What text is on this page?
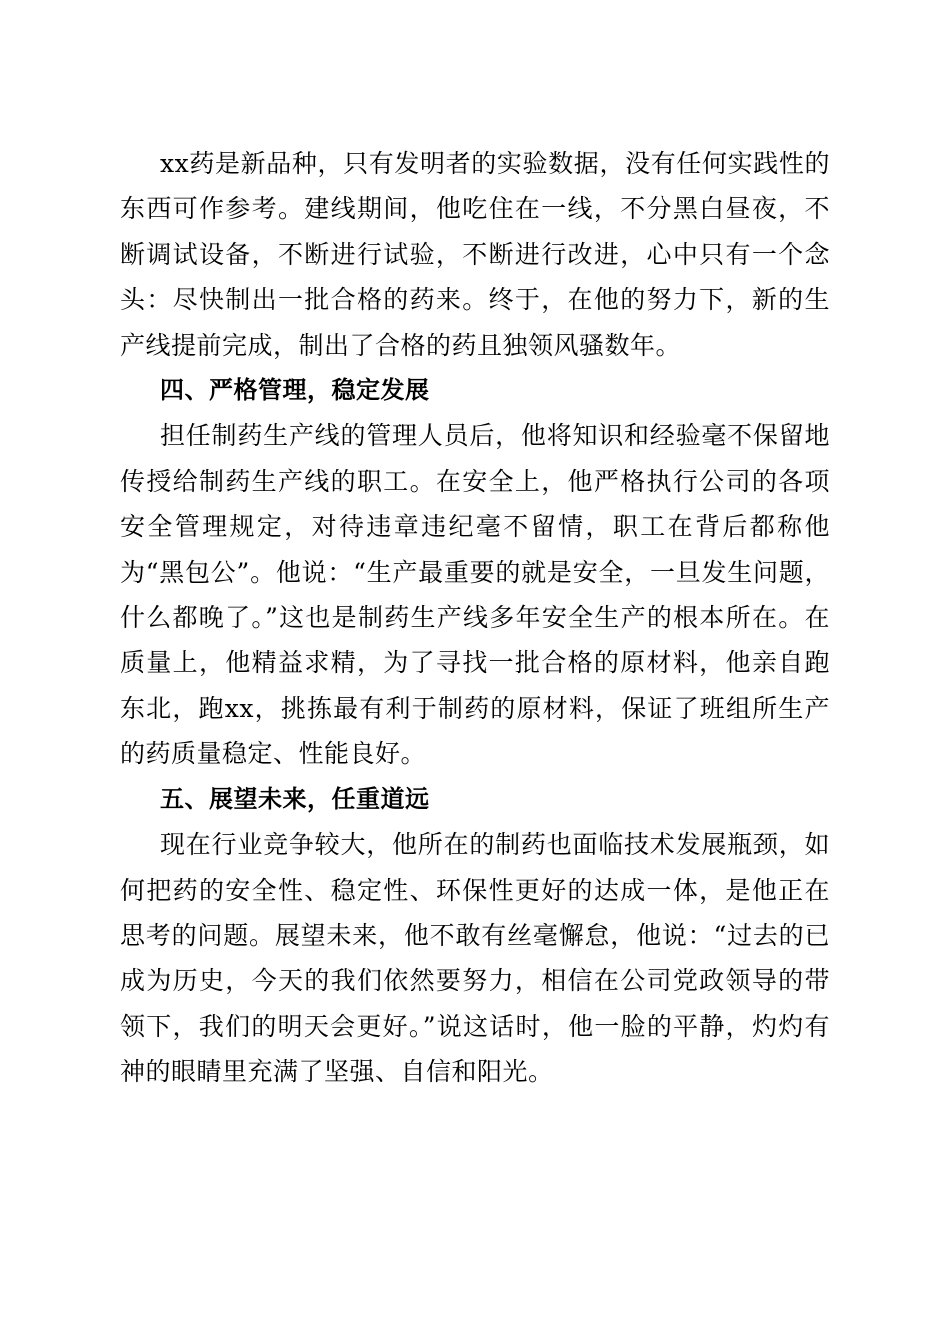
xx药是新品种，只有发明者的实验数据，没有任何实践性的东西可作参考。建线期间，他吃住在一线，不分黑白昼夜，不断调试设备，不断进行试验，不断进行改进，心中只有一个念头：尽快制出一批合格的药来。终于，在他的努力下，新的生产线提前完成，制出了合格的药且独领风骚数年。

四、严格管理，稳定发展

担任制药生产线的管理人员后，他将知识和经验毫不保留地传授给制药生产线的职工。在安全上，他严格执行公司的各项安全管理规定，对待违章违纪毫不留情，职工在背后都称他为“黑包公”。他说：“生产最重要的就是安全，一旦发生问题，什么都晚了。”这也是制药生产线多年安全生产的根本所在。在质量上，他精益求精，为了寻找一批合格的原材料，他亲自跑东北，跑xx，挑拣最有利于制药的原材料，保证了班组所生产的药质量稳定、性能良好。

五、展望未来，任重道远

现在行业竞争较大，他所在的制药也面临技术发展瓶颈，如何把药的安全性、稳定性、环保性更好的达成一体，是他正在思考的问题。展望未来，他不敢有丝毫懈怠，他说：“过去的已成为历史，今天的我们依然要努力，相信在公司党政领导的带领下，我们的明天会更好。”说这话时，他一脸的平静，灼灼有神的眼睛里充满了坚强、自信和阳光。
